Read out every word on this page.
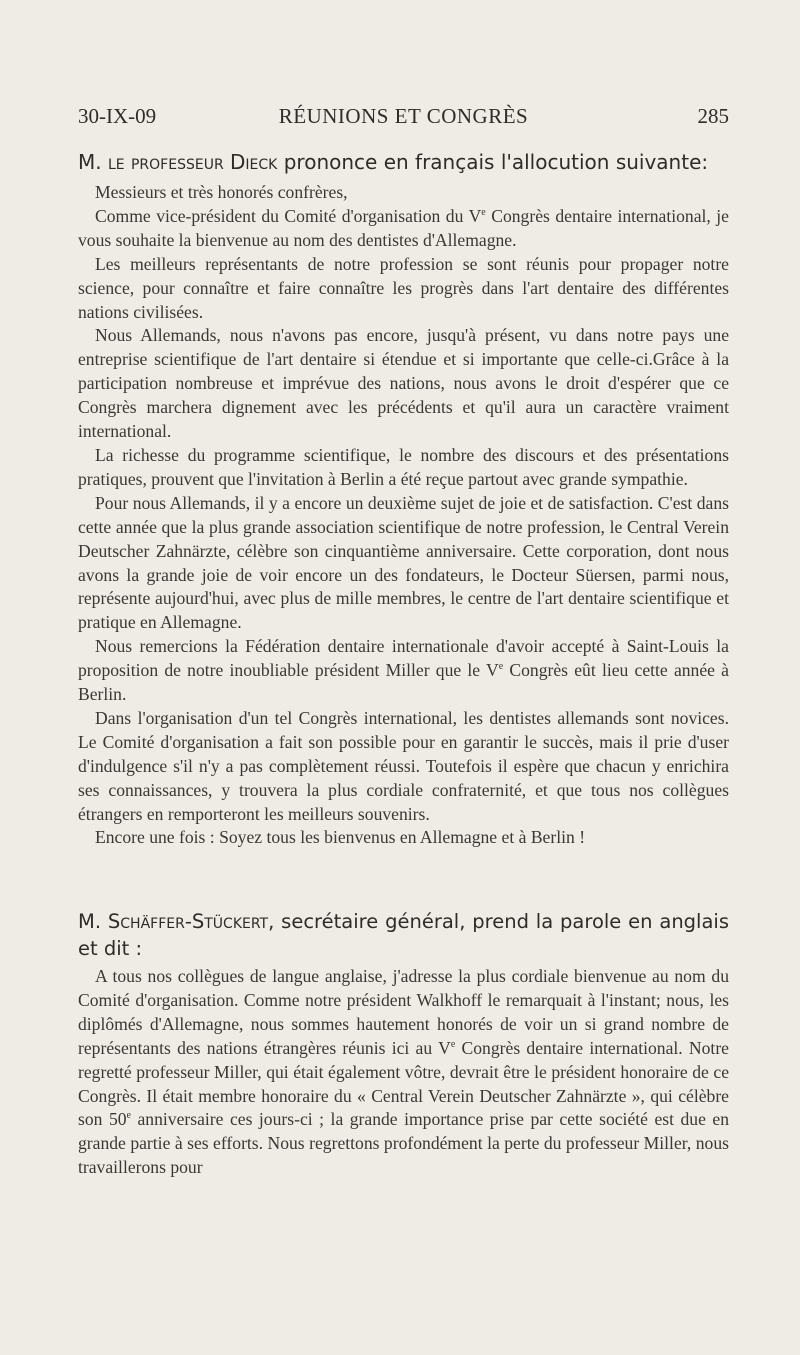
30-IX-09	RÉUNIONS ET CONGRÈS	285
M. le professeur Dieck prononce en français l'allocution suivante:

Messieurs et très honorés confrères,

Comme vice-président du Comité d'organisation du Ve Congrès dentaire international, je vous souhaite la bienvenue au nom des dentistes d'Allemagne.

Les meilleurs représentants de notre profession se sont réunis pour propager notre science, pour connaître et faire connaître les progrès dans l'art dentaire des différentes nations civilisées.

Nous Allemands, nous n'avons pas encore, jusqu'à présent, vu dans notre pays une entreprise scientifique de l'art dentaire si étendue et si importante que celle-ci.Grâce à la participation nombreuse et imprévue des nations, nous avons le droit d'espérer que ce Congrès marchera dignement avec les précédents et qu'il aura un caractère vraiment international.

La richesse du programme scientifique, le nombre des discours et des présentations pratiques, prouvent que l'invitation à Berlin a été reçue partout avec grande sympathie.

Pour nous Allemands, il y a encore un deuxième sujet de joie et de satisfaction. C'est dans cette année que la plus grande association scientifique de notre profession, le Central Verein Deutscher Zahnärzte, célèbre son cinquantième anniversaire. Cette corporation, dont nous avons la grande joie de voir encore un des fondateurs, le Docteur Süersen, parmi nous, représente aujourd'hui, avec plus de mille membres, le centre de l'art dentaire scientifique et pratique en Allemagne.

Nous remercions la Fédération dentaire internationale d'avoir accepté à Saint-Louis la proposition de notre inoubliable président Miller que le Ve Congrès eût lieu cette année à Berlin.

Dans l'organisation d'un tel Congrès international, les dentistes allemands sont novices. Le Comité d'organisation a fait son possible pour en garantir le succès, mais il prie d'user d'indulgence s'il n'y a pas complètement réussi. Toutefois il espère que chacun y enrichira ses connaissances, y trouvera la plus cordiale confraternité, et que tous nos collègues étrangers en remporteront les meilleurs souvenirs.

Encore une fois : Soyez tous les bienvenus en Allemagne et à Berlin !

M. Schäffer-Stückert, secrétaire général, prend la parole en anglais et dit :

A tous nos collègues de langue anglaise, j'adresse la plus cordiale bienvenue au nom du Comité d'organisation. Comme notre président Walkhoff le remarquait à l'instant; nous, les diplômés d'Allemagne, nous sommes hautement honorés de voir un si grand nombre de représentants des nations étrangères réunis ici au Ve Congrès dentaire international. Notre regretté professeur Miller, qui était également vôtre, devrait être le président honoraire de ce Congrès. Il était membre honoraire du « Central Verein Deutscher Zahnärzte », qui célèbre son 50e anniversaire ces jours-ci ; la grande importance prise par cette société est due en grande partie à ses efforts. Nous regrettons profondément la perte du professeur Miller, nous travaillerons pour
